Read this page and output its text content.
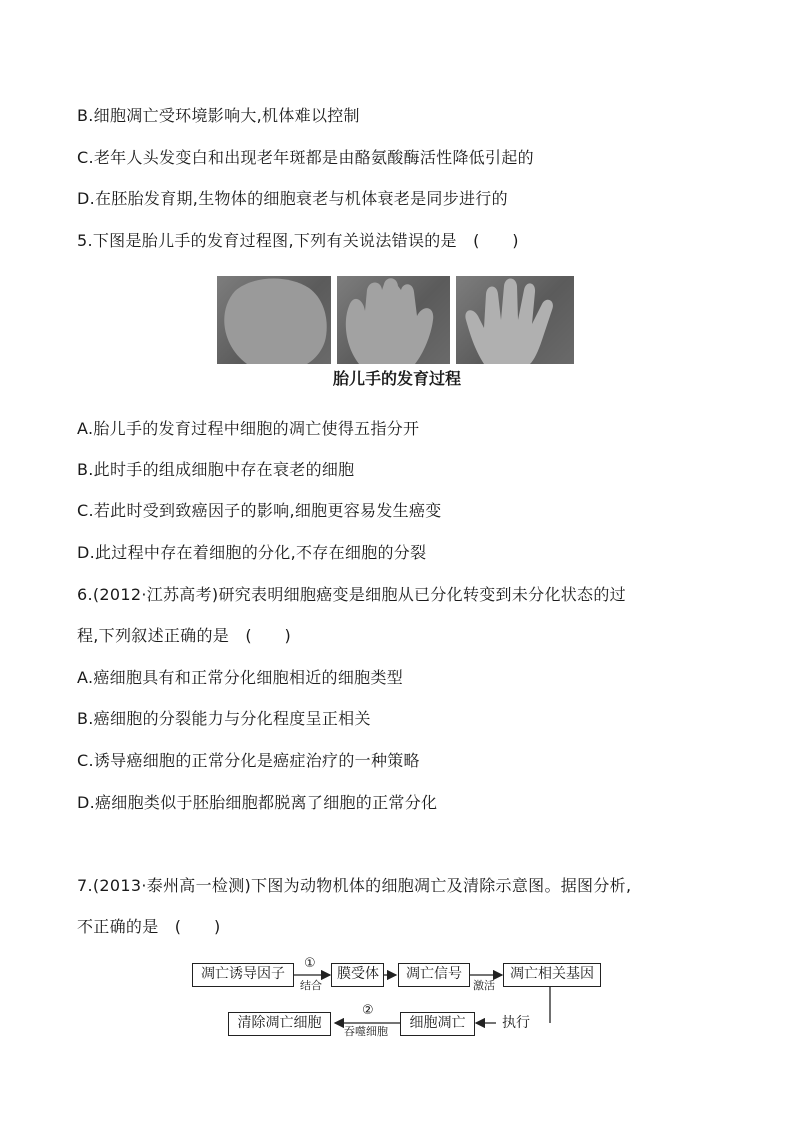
B.细胞凋亡受环境影响大,机体难以控制
C.老年人头发变白和出现老年斑都是由酪氨酸酶活性降低引起的
D.在胚胎发育期,生物体的细胞衰老与机体衰老是同步进行的
5.下图是胎儿手的发育过程图,下列有关说法错误的是　(　　)
胎儿手的发育过程
A.胎儿手的发育过程中细胞的凋亡使得五指分开
B.此时手的组成细胞中存在衰老的细胞
C.若此时受到致癌因子的影响,细胞更容易发生癌变
D.此过程中存在着细胞的分化,不存在细胞的分裂
6.(2012·江苏高考)研究表明细胞癌变是细胞从已分化转变到未分化状态的过
程,下列叙述正确的是　(　　)
A.癌细胞具有和正常分化细胞相近的细胞类型
B.癌细胞的分裂能力与分化程度呈正相关
C.诱导癌细胞的正常分化是癌症治疗的一种策略
D.癌细胞类似于胚胎细胞都脱离了细胞的正常分化
7.(2013·泰州高一检测)下图为动物机体的细胞凋亡及清除示意图。据图分析,
不正确的是　(　　)
凋亡诱导因子	膜受体	凋亡信号	凋亡相关基因
细胞凋亡
清除凋亡细胞
①
结合	激活
执行
②
吞噬细胞
